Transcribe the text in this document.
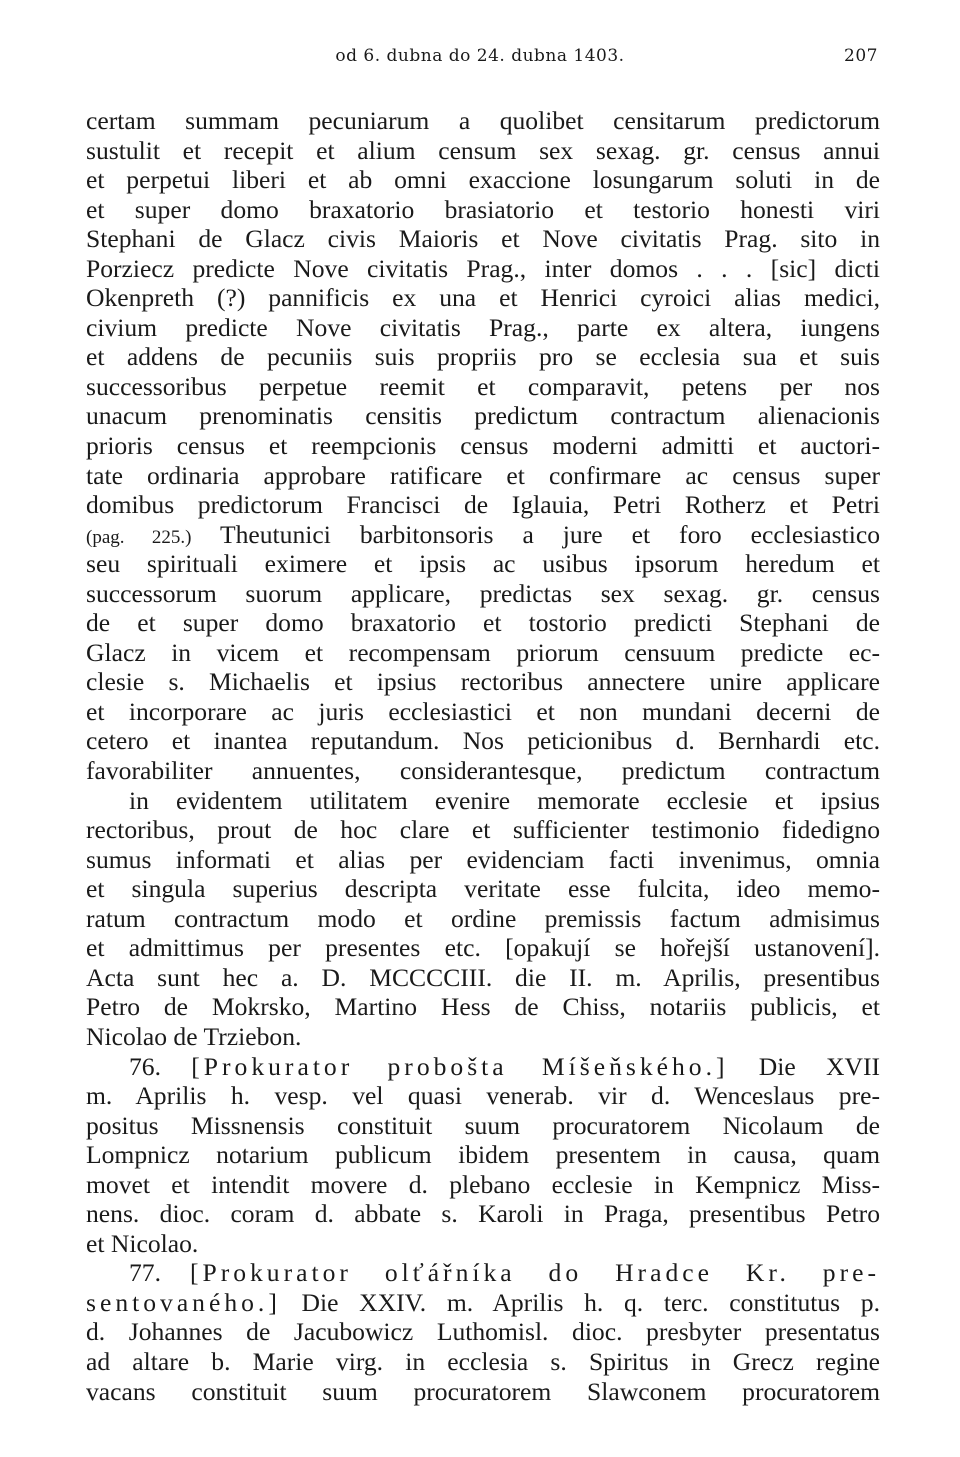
od 6. dubna do 24. dubna 1403.	207
certam summam pecuniarum a quolibet censitarum predictorum
sustulit et recepit et alium censum sex sexag. gr. census annui
et perpetui liberi et ab omni exaccione losungarum soluti in de
et super domo braxatorio brasiatorio et testorio honesti viri
Stephani de Glacz civis Maioris et Nove civitatis Prag. sito in
Porziecz predicte Nove civitatis Prag., inter domos . . . [sic] dicti
Okenpreth (?) pannificis ex una et Henrici cyroici alias medici,
civium predicte Nove civitatis Prag., parte ex altera, iungens
et addens de pecuniis suis propriis pro se ecclesia sua et suis
successoribus perpetue reemit et comparavit, petens per nos
unacum prenominatis censitis predictum contractum alienacionis
prioris census et reempcionis census moderni admitti et auctori-
tate ordinaria approbare ratificare et confirmare ac census super
domibus predictorum Francisci de Iglauia, Petri Rotherz et Petri
(pag. 225.) Theutunici barbitonsoris a jure et foro ecclesiastico
seu spirituali eximere et ipsis ac usibus ipsorum heredum et
successorum suorum applicare, predictas sex sexag. gr. census
de et super domo braxatorio et tostorio predicti Stephani de
Glacz in vicem et recompensam priorum censuum predicte ec-
clesie s. Michaelis et ipsius rectoribus annectere unire applicare
et incorporare ac juris ecclesiastici et non mundani decerni de
cetero et inantea reputandum. Nos peticionibus d. Bernhardi etc.
favorabiliter annuentes, considerantesque, predictum contractum
in evidentem utilitatem evenire memorate ecclesie et ipsius
rectoribus, prout de hoc clare et sufficienter testimonio fidedigno
sumus informati et alias per evidenciam facti invenimus, omnia
et singula superius descripta veritate esse fulcita, ideo memo-
ratum contractum modo et ordine premissis factum admisimus
et admittimus per presentes etc. [opakují se hořejší ustanovení].
Acta sunt hec a. D. MCCCCIII. die II. m. Aprilis, presentibus
Petro de Mokrsko, Martino Hess de Chiss, notariis publicis, et
Nicolao de Trziebon.
76. [Prokurator probošta Míšeňského.] Die XVII
m. Aprilis h. vesp. vel quasi venerab. vir d. Wenceslaus pre-
positus Missnensis constituit suum procuratorem Nicolaum de
Lompnicz notarium publicum ibidem presentem in causa, quam
movet et intendit movere d. plebano ecclesie in Kempnicz Miss-
nens. dioc. coram d. abbate s. Karoli in Praga, presentibus Petro
et Nicolao.
77. [Prokurator olťářníka do Hradce Kr. pre-
sentovaného.] Die XXIV. m. Aprilis h. q. terc. constitutus p.
d. Johannes de Jacubowicz Luthomisl. dioc. presbyter presentatus
ad altare b. Marie virg. in ecclesia s. Spiritus in Grecz regine
vacans constituit suum procuratorem Slawconem procuratorem
